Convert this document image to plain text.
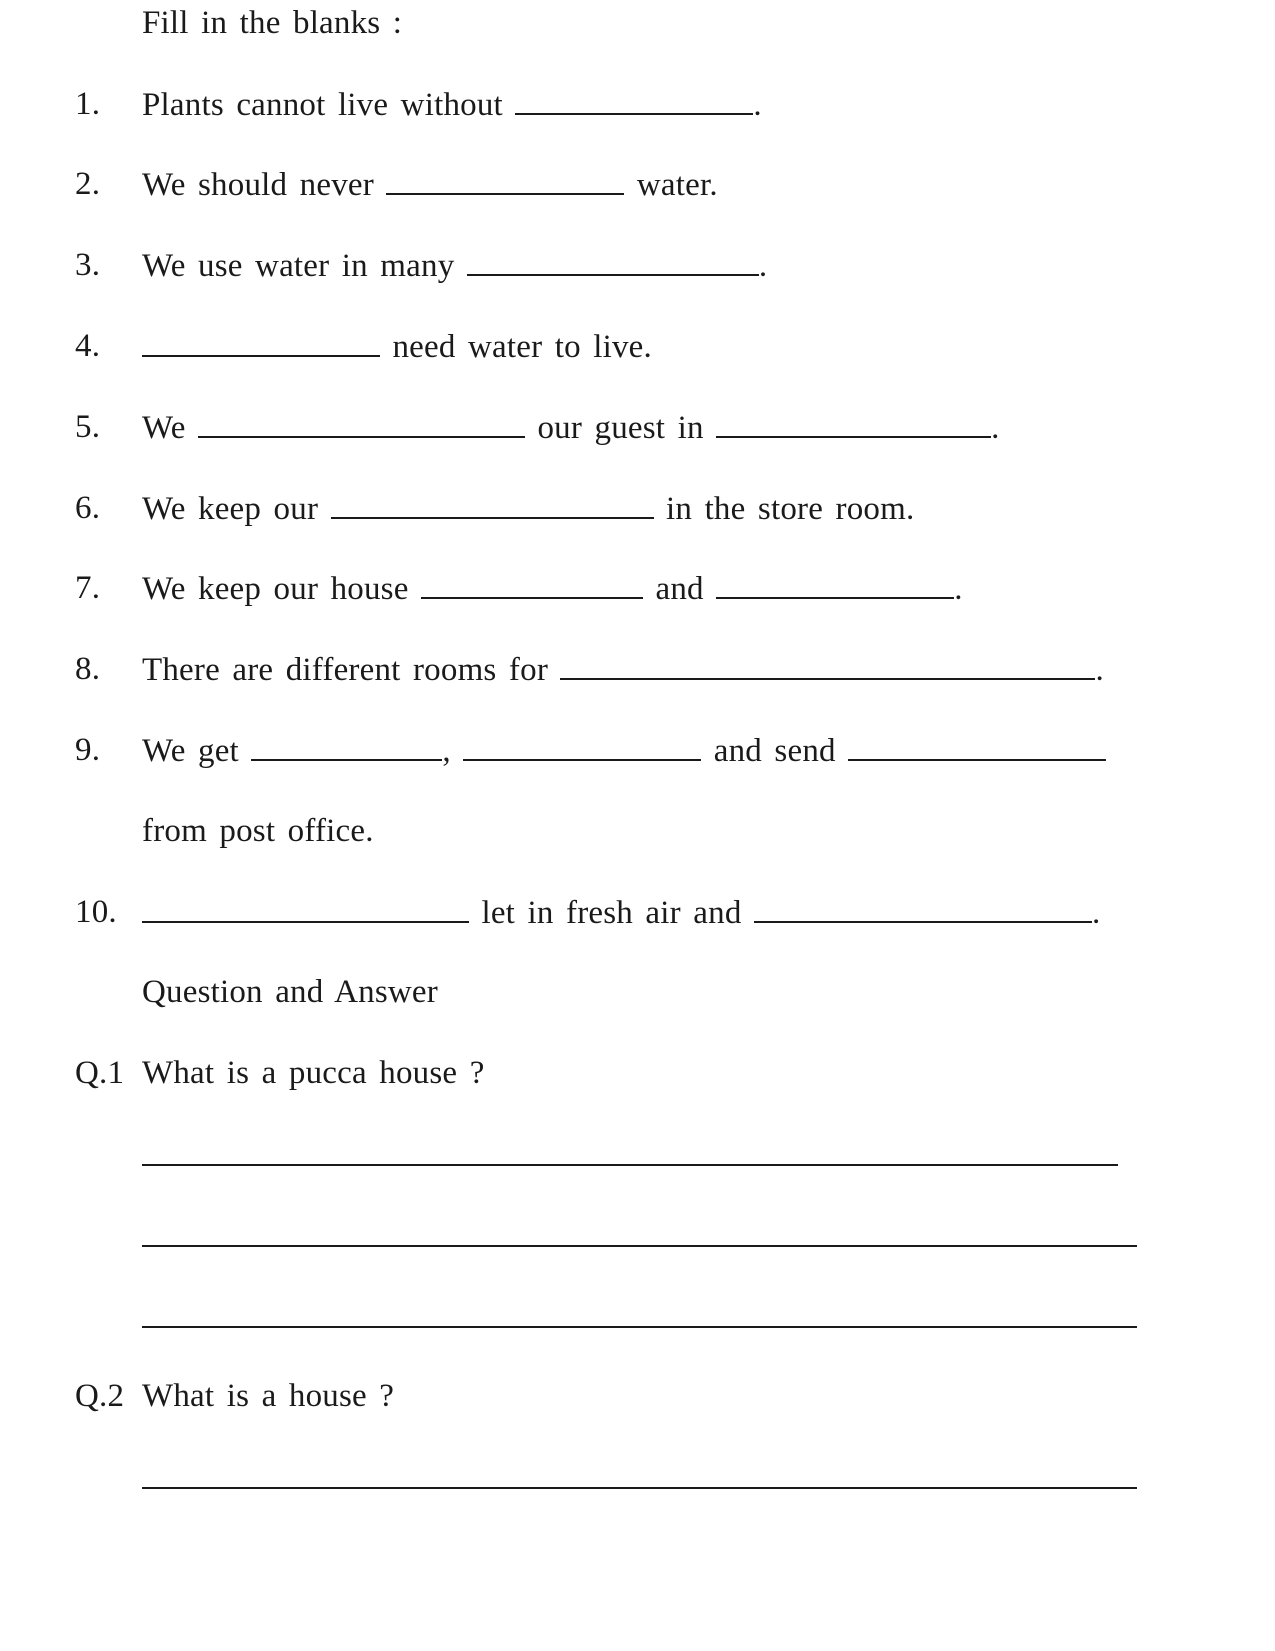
Fill in the blanks :
1. Plants cannot live without	.
2. We should never	water.
3. We use water in many	.
4.	need water to live.
5. We	our guest in	.
6. We keep our	in the store room.
7. We keep our house	and	.
8. There are different rooms for	.
9. We get	,	and send
from post office.
10.	let in fresh air and	.
Question and Answer
Q.1 What is a pucca house ?
Q.2 What is a house ?
